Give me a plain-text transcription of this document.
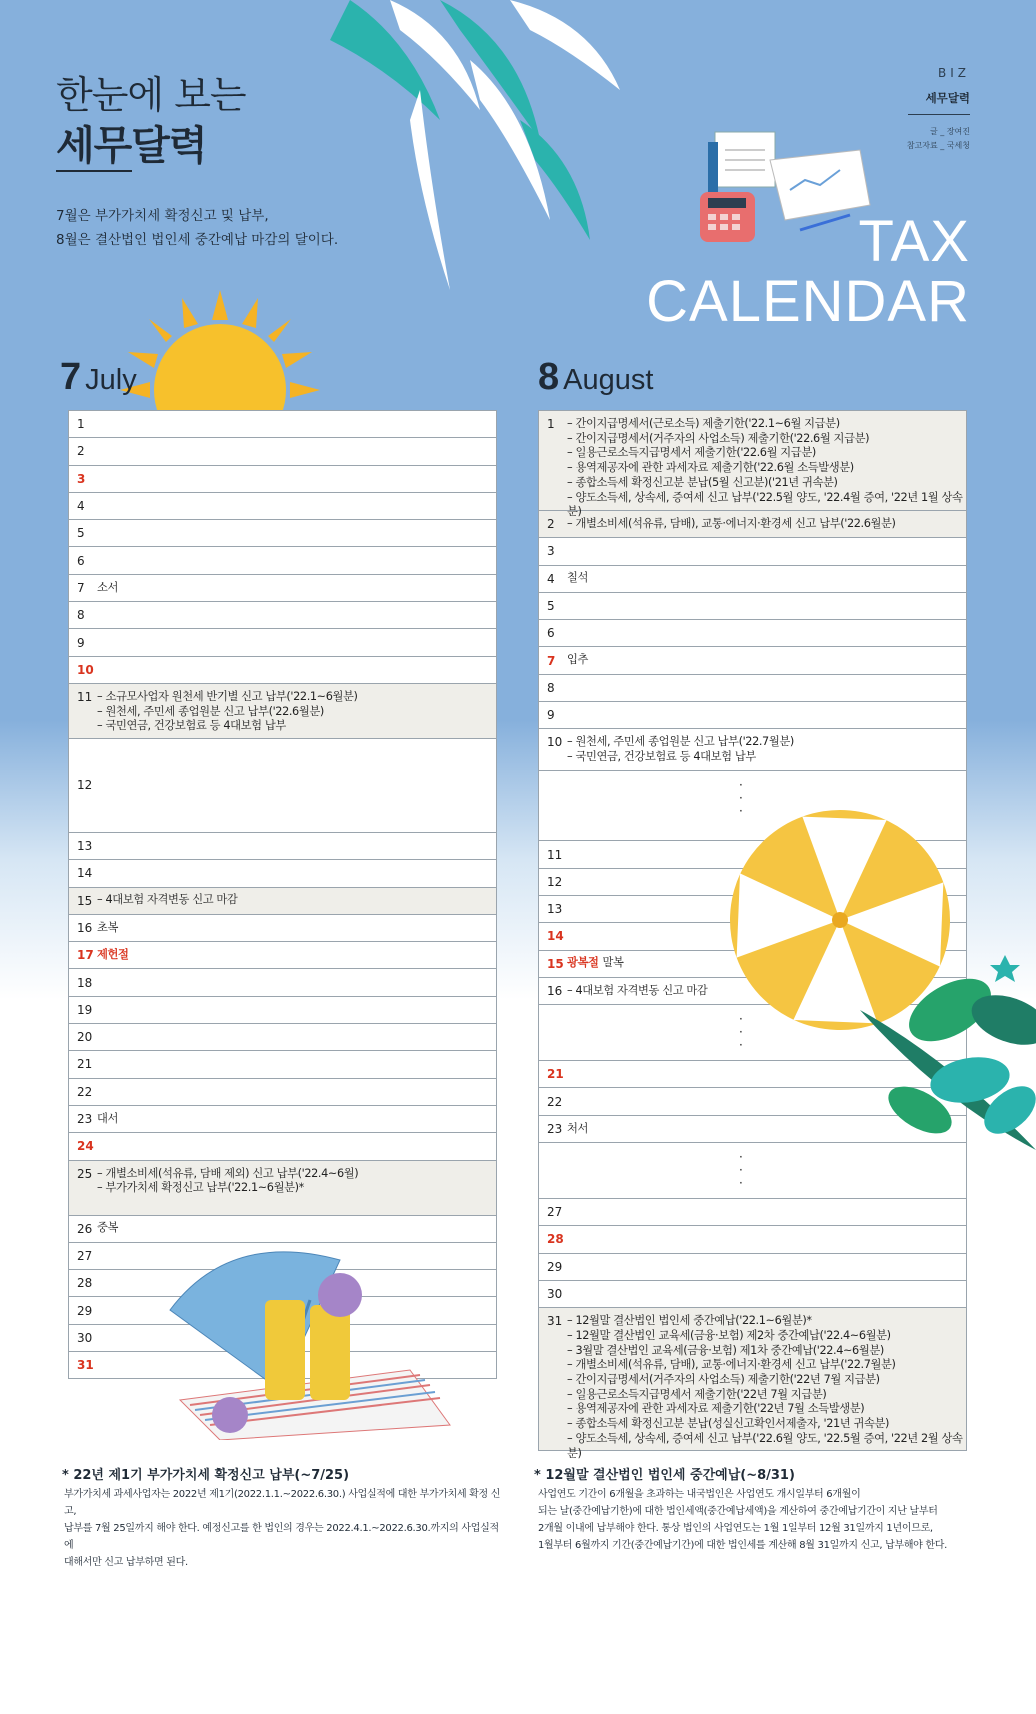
한눈에 보는
세무달력
7월은 부가가치세 확정신고 및 납부,
8월은 결산법인 법인세 중간예납 마감의 달이다.
BIZ
세무달력
글 _ 장여진
참고자료 _ 국세청
TAX
CALENDAR
7 July	8 August
1
2
3
4
5
6
7	소서
8
9
10
11 – 소규모사업자 원천세 반기별 신고 납부('22.1~6월분)
– 원천세, 주민세 종업원분 신고 납부('22.6월분)
– 국민연금, 건강보험료 등 4대보험 납부
12
13
14
15 – 4대보험 자격변동 신고 마감
16 초복
17 제헌절
18
19
20
21
22
23 대서
24
25 – 개별소비세(석유류, 담배 제외) 신고 납부('22.4~6월)
– 부가가치세 확정신고 납부('22.1~6월분)*
26 중복
27
28
29
30
31
1	– 간이지급명세서(근로소득) 제출기한('22.1~6월 지급분)
– 간이지급명세서(거주자의 사업소득) 제출기한('22.6월 지급분)
– 일용근로소득지급명세서 제출기한('22.6월 지급분)
– 용역제공자에 관한 과세자료 제출기한('22.6월 소득발생분)
– 종합소득세 확정신고분 분납(5월 신고분)('21년 귀속분)
– 양도소득세, 상속세, 증여세 신고 납부('22.5월 양도, '22.4월 증여, '22년 1월 상속분)
2	– 개별소비세(석유류, 담배), 교통·에너지·환경세 신고 납부('22.6월분)
3
4	칠석
5
6
7	입추
8
9
10 – 원천세, 주민세 종업원분 신고 납부('22.7월분)
– 국민연금, 건강보험료 등 4대보험 납부
·
·
·
11
12
13
14
15 광복절 말복
16 – 4대보험 자격변동 신고 마감
·
·
·
21
22
23 처서
·
·
·
27
28
29
30
31 – 12월말 결산법인 법인세 중간예납('22.1~6월분)*
– 12월말 결산법인 교육세(금융·보험) 제2차 중간예납('22.4~6월분)
– 3월말 결산법인 교육세(금융·보험) 제1차 중간예납('22.4~6월분)
– 개별소비세(석유류, 담배), 교통·에너지·환경세 신고 납부('22.7월분)
– 간이지급명세서(거주자의 사업소득) 제출기한('22년 7월 지급분)
– 일용근로소득지급명세서 제출기한('22년 7월 지급분)
– 용역제공자에 관한 과세자료 제출기한('22년 7월 소득발생분)
– 종합소득세 확정신고분 분납(성실신고확인서제출자, '21년 귀속분)
– 양도소득세, 상속세, 증여세 신고 납부('22.6월 양도, '22.5월 증여, '22년 2월 상속분)
* 22년 제1기 부가가치세 확정신고 납부(~7/25)
부가가치세 과세사업자는 2022년 제1기(2022.1.1.~2022.6.30.) 사업실적에 대한 부가가치세 확정 신고,
납부를 7월 25일까지 해야 한다. 예정신고를 한 법인의 경우는 2022.4.1.~2022.6.30.까지의 사업실적에
대해서만 신고 납부하면 된다.
* 12월말 결산법인 법인세 중간예납(~8/31)
사업연도 기간이 6개월을 초과하는 내국법인은 사업연도 개시일부터 6개월이
되는 날(중간예납기한)에 대한 법인세액(중간예납세액)을 계산하여 중간예납기간이 지난 날부터
2개월 이내에 납부해야 한다. 통상 법인의 사업연도는 1월 1일부터 12월 31일까지 1년이므로,
1월부터 6월까지 기간(중간예납기간)에 대한 법인세를 계산해 8월 31일까지 신고, 납부해야 한다.
